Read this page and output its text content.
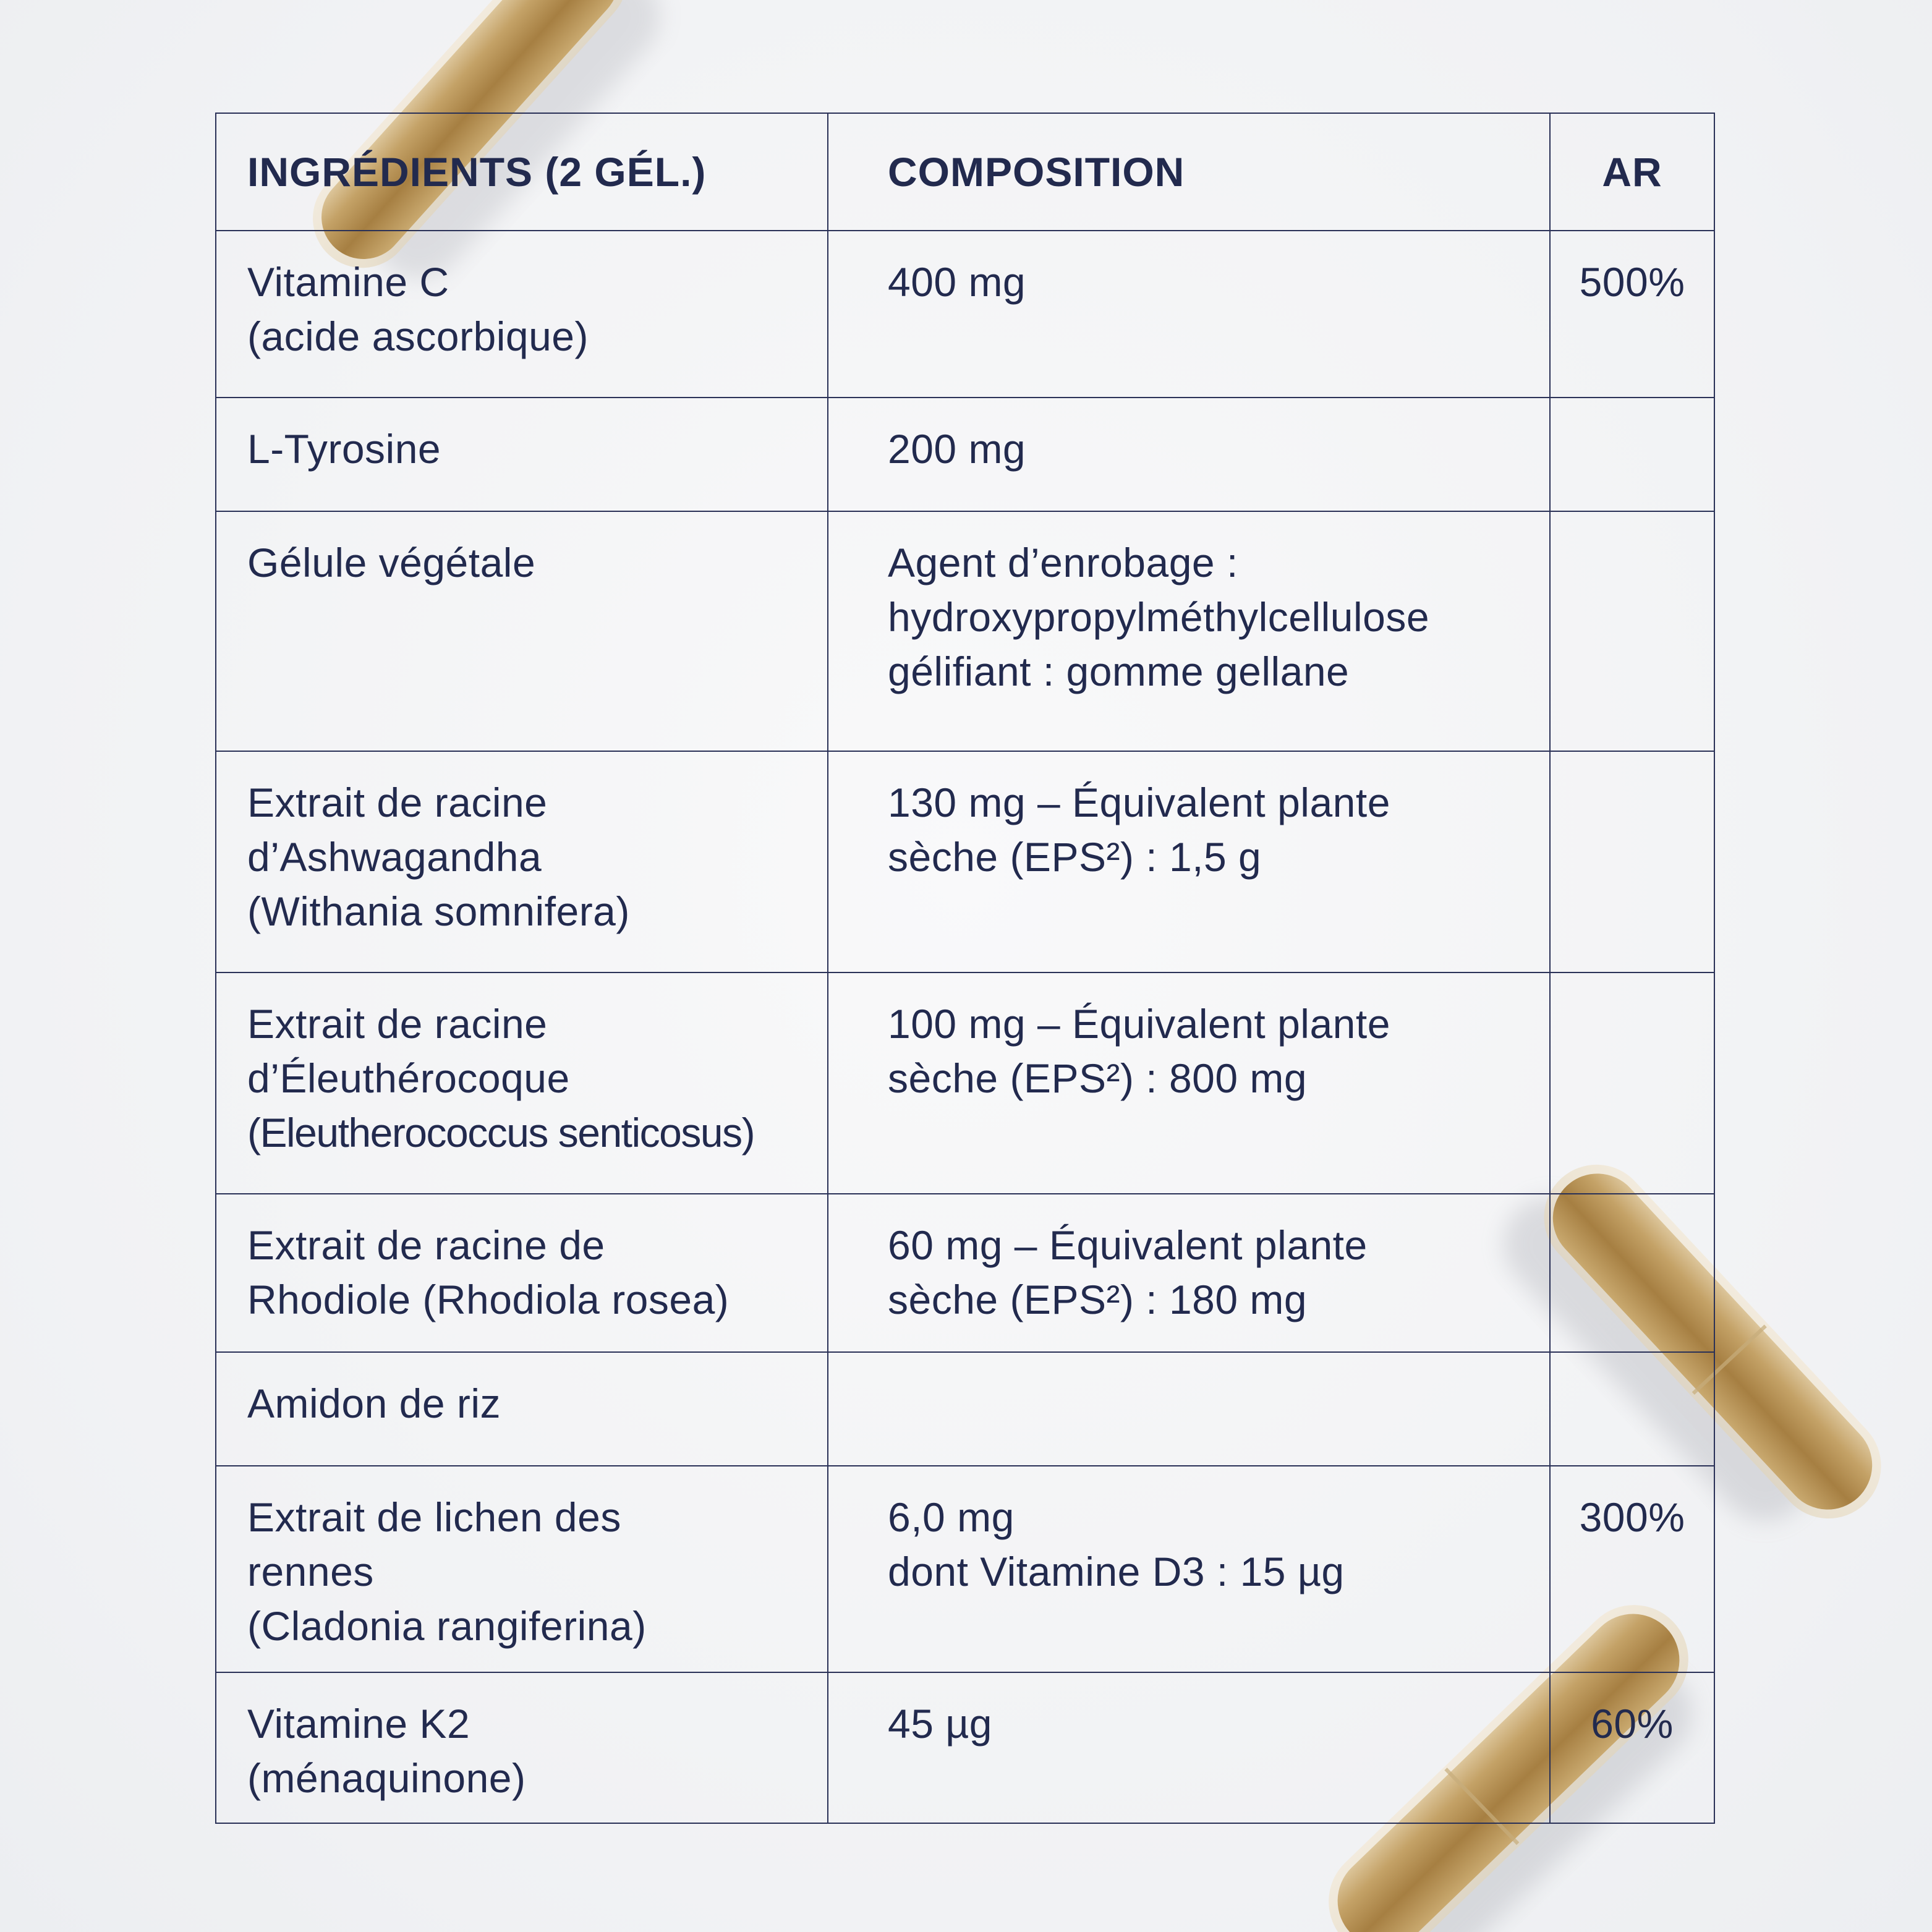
INGRÉDIENTS (2 GÉL.)	COMPOSITION	AR

Vitamine C
(acide ascorbique)	400 mg	500%

L-Tyrosine	200 mg	

Gélule végétale	Agent d’enrobage :
hydroxypropylméthylcellulose
gélifiant : gomme gellane	

Extrait de racine
d’Ashwagandha
(Withania somnifera)	130 mg – Équivalent plante
sèche (EPS²) : 1,5 g	

Extrait de racine
d’Éleuthérocoque
(Eleutherococcus senticosus)	100 mg – Équivalent plante
sèche (EPS²) : 800 mg	

Extrait de racine de
Rhodiole (Rhodiola rosea)	60 mg – Équivalent plante
sèche (EPS²) : 180 mg	

Amidon de riz		

Extrait de lichen des
rennes
(Cladonia rangiferina)	6,0 mg
dont Vitamine D3 : 15 µg	300%

Vitamine K2
(ménaquinone)	45 µg	60%
